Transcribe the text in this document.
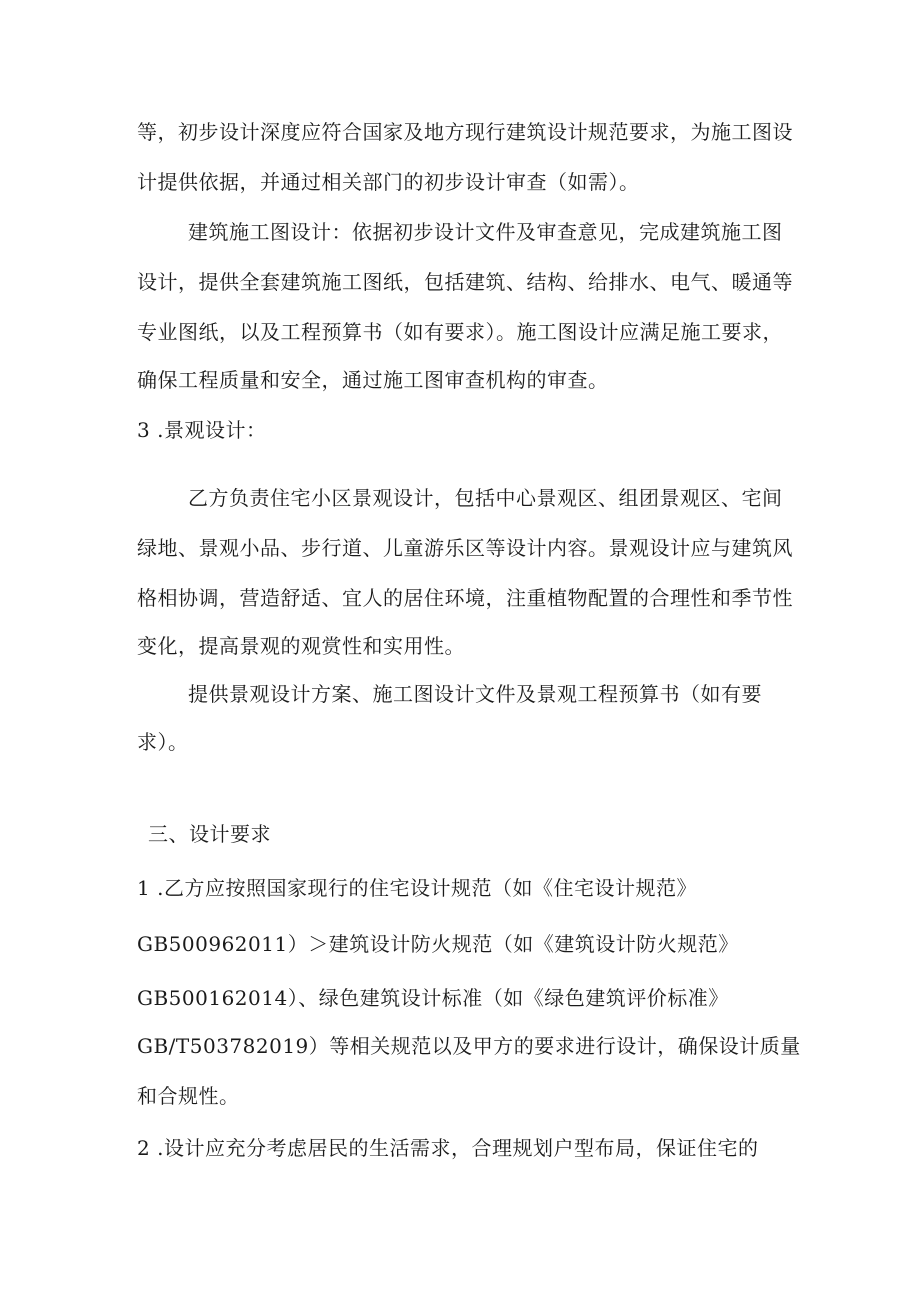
等，初步设计深度应符合国家及地方现行建筑设计规范要求，为施工图设
计提供依据，并通过相关部门的初步设计审查（如需）。
建筑施工图设计：依据初步设计文件及审查意见，完成建筑施工图
设计，提供全套建筑施工图纸，包括建筑、结构、给排水、电气、暖通等
专业图纸，以及工程预算书（如有要求）。施工图设计应满足施工要求，
确保工程质量和安全，通过施工图审查机构的审查。
3 .景观设计：
乙方负责住宅小区景观设计，包括中心景观区、组团景观区、宅间
绿地、景观小品、步行道、儿童游乐区等设计内容。景观设计应与建筑风
格相协调，营造舒适、宜人的居住环境，注重植物配置的合理性和季节性
变化，提高景观的观赏性和实用性。
提供景观设计方案、施工图设计文件及景观工程预算书（如有要
求）。
三、设计要求
1 .乙方应按照国家现行的住宅设计规范（如《住宅设计规范》
GB500962011）＞建筑设计防火规范（如《建筑设计防火规范》
GB500162014）、绿色建筑设计标准（如《绿色建筑评价标准》
GB/T503782019）等相关规范以及甲方的要求进行设计，确保设计质量
和合规性。
2 .设计应充分考虑居民的生活需求，合理规划户型布局，保证住宅的
